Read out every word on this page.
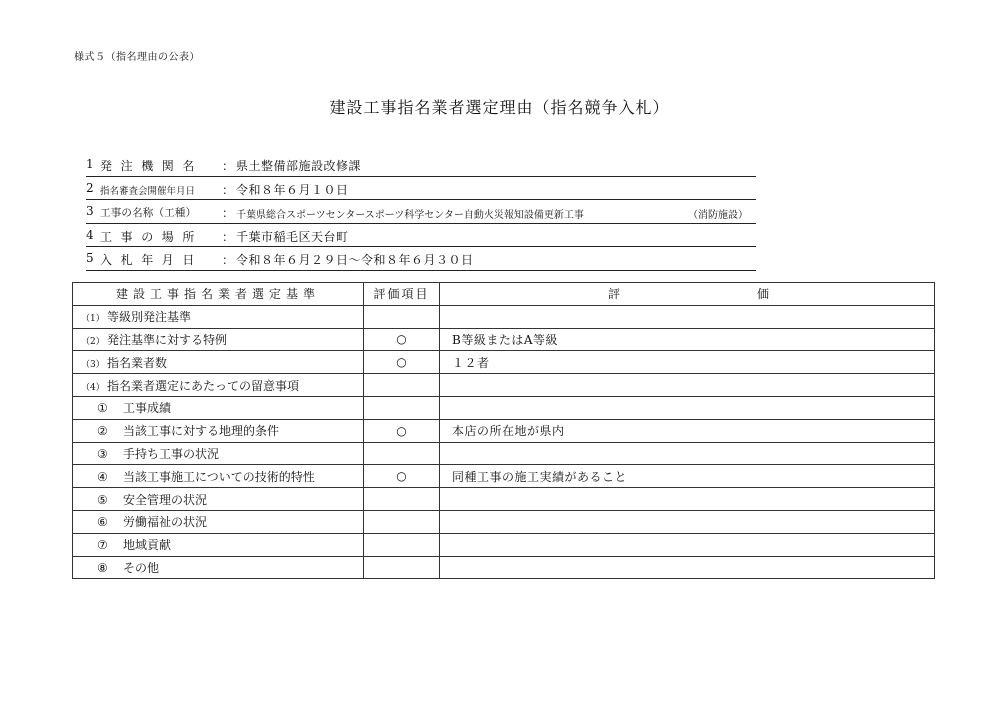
様式５（指名理由の公表）
建設工事指名業者選定理由（指名競争入札）
1 発注機関名	： 県土整備部施設改修課
2 指名審査会開催年月日	： 令和８年６月１０日
3 工事の名称（工種）	： 千葉県総合スポーツセンタースポーツ科学センター自動火災報知設備更新工事	（消防施設）
4 工事の場所	： 千葉市稲毛区天台町
5 入札年月日	： 令和８年６月２９日～令和８年６月３０日
建設工事指名業者選定基準	評価項目	評 価
（1） 等級別発注基準		
（2） 発注基準に対する特例	○	B等級またはA等級
（3） 指名業者数	○	１２者
（4） 指名業者選定にあたっての留意事項		
① 工事成績		
② 当該工事に対する地理的条件	○	本店の所在地が県内
③ 手持ち工事の状況		
④ 当該工事施工についての技術的特性	○	同種工事の施工実績があること
⑤ 安全管理の状況		
⑥ 労働福祉の状況		
⑦ 地域貢献		
⑧ その他		
